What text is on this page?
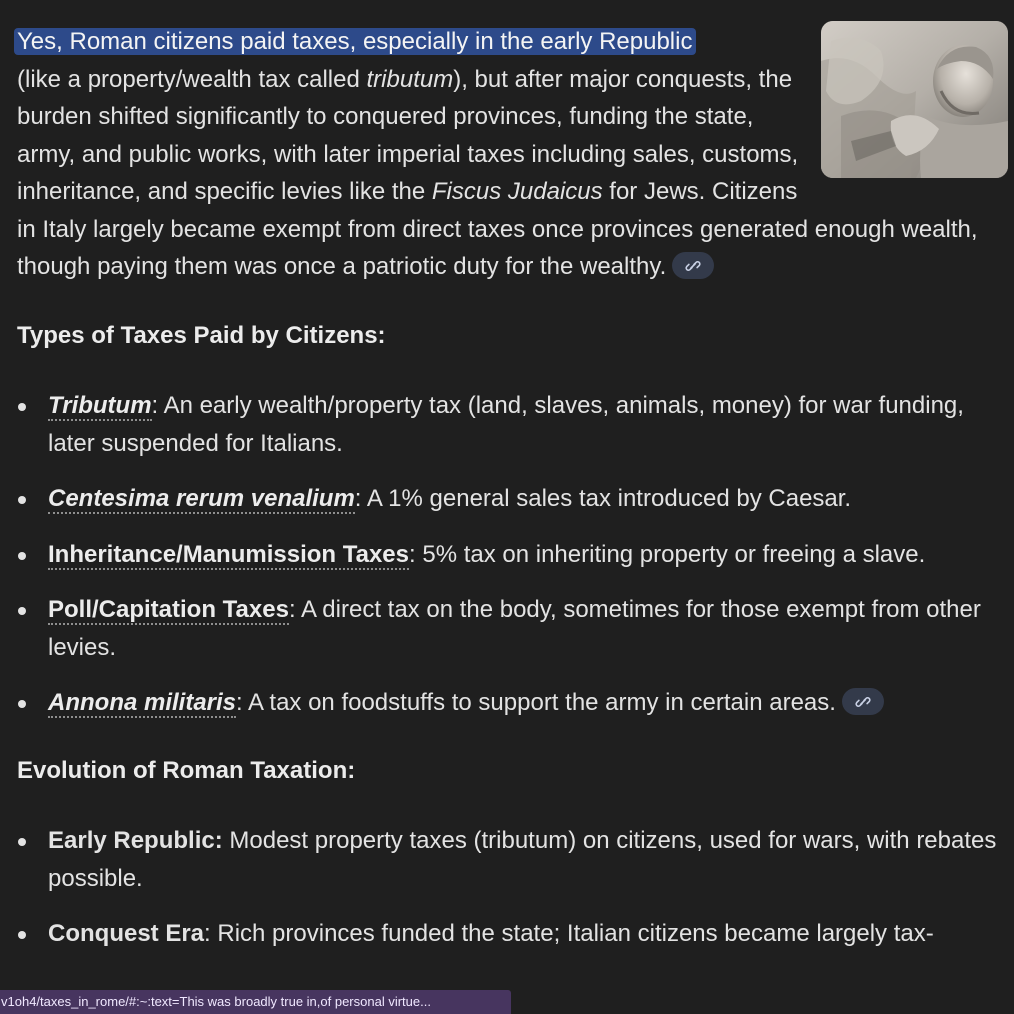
Yes, Roman citizens paid taxes, especially in the early Republic
(like a property/wealth tax called tributum), but after major conquests, the burden shifted significantly to conquered provinces, funding the state, army, and public works, with later imperial taxes including sales, customs, inheritance, and specific levies like the Fiscus Judaicus for Jews. Citizens in Italy largely became exempt from direct taxes once provinces generated enough wealth, though paying them was once a patriotic duty for the wealthy.

Types of Taxes Paid by Citizens:
Tributum: An early wealth/property tax (land, slaves, animals, money) for war funding, later suspended for Italians.
Centesima rerum venalium: A 1% general sales tax introduced by Caesar.
Inheritance/Manumission Taxes: 5% tax on inheriting property or freeing a slave.
Poll/Capitation Taxes: A direct tax on the body, sometimes for those exempt from other levies.
Annona militaris: A tax on foodstuffs to support the army in certain areas.
Evolution of Roman Taxation:
Early Republic: Modest property taxes (tributum) on citizens, used for wars, with rebates possible.
Conquest Era: Rich provinces funded the state; Italian citizens became largely tax-
v1oh4/taxes_in_rome/#:~:text=This was broadly true in,of personal virtue...
